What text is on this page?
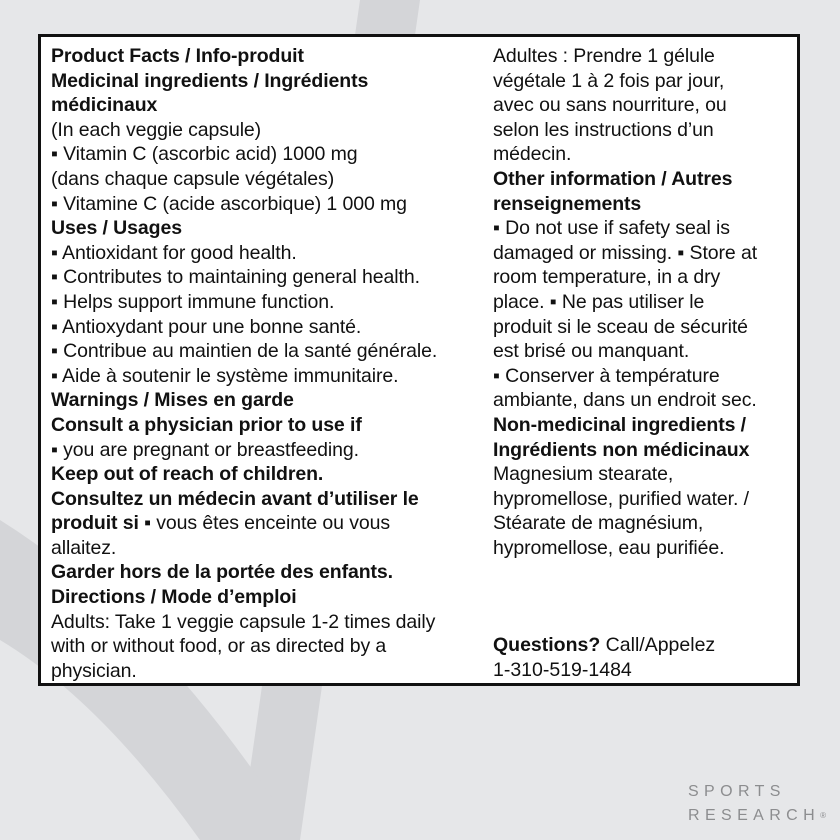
Product Facts / Info-produit
Medicinal ingredients / Ingrédients
médicinaux
(In each veggie capsule)
▪ Vitamin C (ascorbic acid) 1000 mg
(dans chaque capsule végétales)
▪ Vitamine C (acide ascorbique) 1 000 mg
Uses / Usages
▪ Antioxidant for good health.
▪ Contributes to maintaining general health.
▪ Helps support immune function.
▪ Antioxydant pour une bonne santé.
▪ Contribue au maintien de la santé générale.
▪ Aide à soutenir le système immunitaire.
Warnings / Mises en garde
Consult a physician prior to use if
▪ you are pregnant or breastfeeding.
Keep out of reach of children.
Consultez un médecin avant d’utiliser le
produit si ▪ vous êtes enceinte ou vous
allaitez.
Garder hors de la portée des enfants.
Directions / Mode d’emploi
Adults: Take 1 veggie capsule 1-2 times daily
with or without food, or as directed by a
physician.
Adultes : Prendre 1 gélule
végétale 1 à 2 fois par jour,
avec ou sans nourriture, ou
selon les instructions d’un
médecin.
Other information / Autres
renseignements
▪ Do not use if safety seal is
damaged or missing. ▪ Store at
room temperature, in a dry
place. ▪ Ne pas utiliser le
produit si le sceau de sécurité
est brisé ou manquant.
▪ Conserver à température
ambiante, dans un endroit sec.
Non-medicinal ingredients /
Ingrédients non médicinaux
Magnesium stearate,
hypromellose, purified water. /
Stéarate de magnésium,
hypromellose, eau purifiée.
Questions? Call/Appelez
1-310-519-1484
SPORTS
RESEARCH®
